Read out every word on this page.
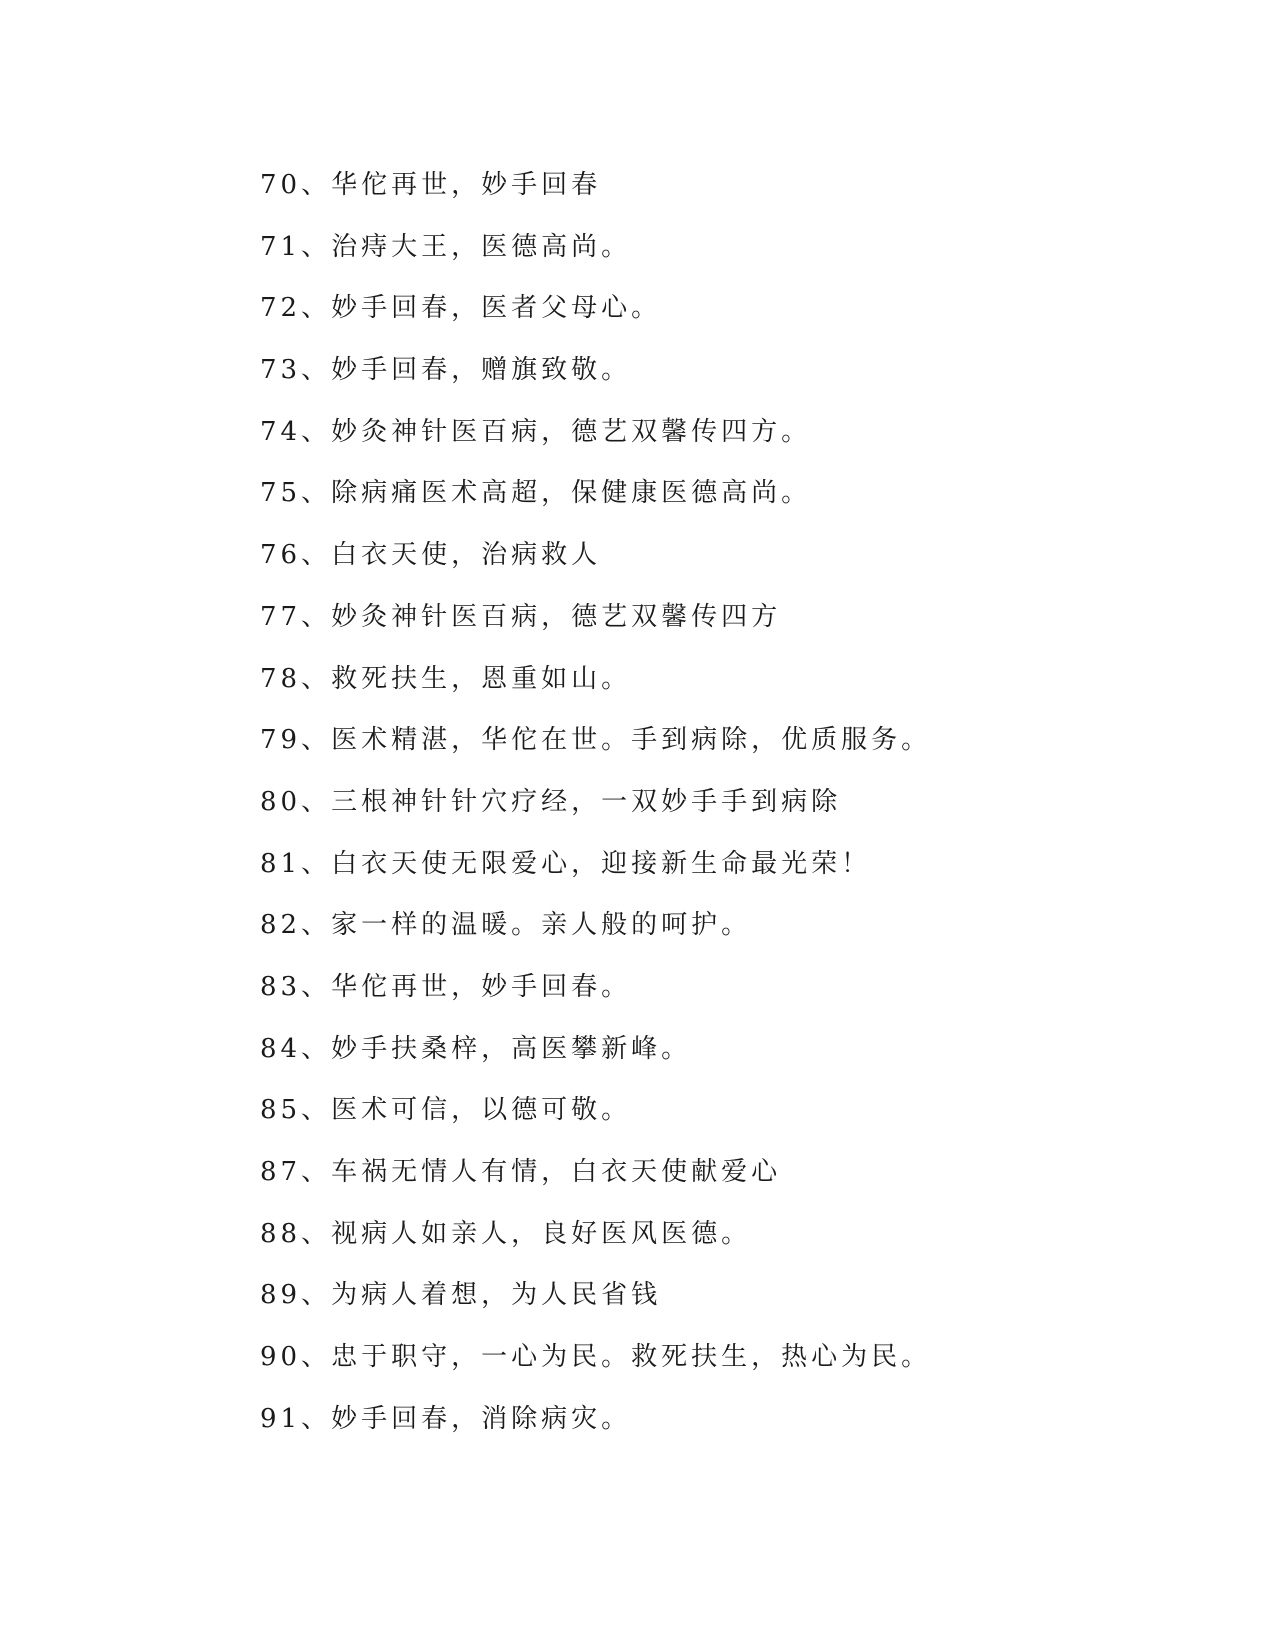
70、华佗再世，妙手回春
71、治痔大王，医德高尚。
72、妙手回春，医者父母心。
73、妙手回春，赠旗致敬。
74、妙灸神针医百病，德艺双馨传四方。
75、除病痛医术高超，保健康医德高尚。
76、白衣天使，治病救人
77、妙灸神针医百病，德艺双馨传四方
78、救死扶生，恩重如山。
79、医术精湛，华佗在世。手到病除，优质服务。
80、三根神针针穴疗经，一双妙手手到病除
81、白衣天使无限爱心，迎接新生命最光荣！
82、家一样的温暖。亲人般的呵护。
83、华佗再世，妙手回春。
84、妙手扶桑梓，高医攀新峰。
85、医术可信，以德可敬。
87、车祸无情人有情，白衣天使献爱心
88、视病人如亲人，良好医风医德。
89、为病人着想，为人民省钱
90、忠于职守，一心为民。救死扶生，热心为民。
91、妙手回春，消除病灾。
